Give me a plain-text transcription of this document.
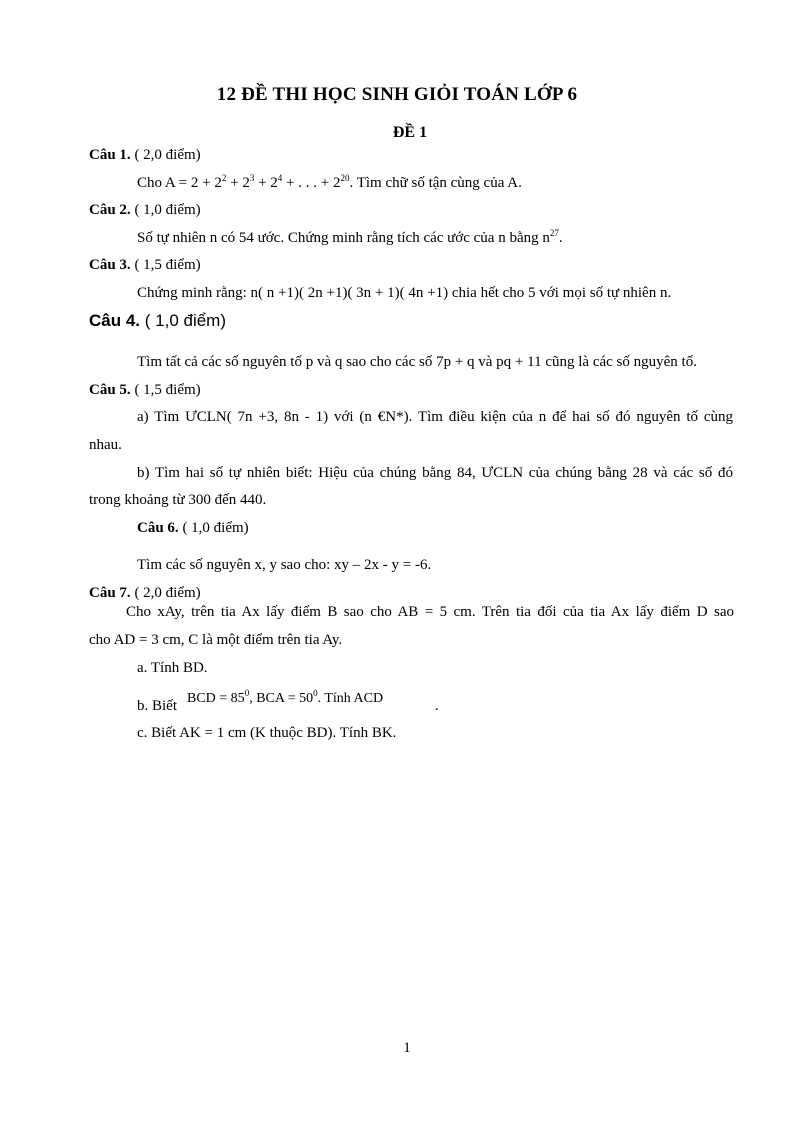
12 ĐỀ THI HỌC SINH GIỎI TOÁN LỚP 6
ĐỀ 1
Câu 1. ( 2,0 điểm)
Cho $A = 2 + 2^2 + 2^3 + 2^4$ + . . . + $2^{20}$. Tìm chữ số tận cùng của A.
Câu 2. ( 1,0 điểm)
Số tự nhiên n có 54 ước. Chứng minh rằng tích các ước của n bằng $n^{27}$.
Câu 3. ( 1,5 điểm)
Chứng minh rằng: n( n +1)( 2n +1)( 3n + 1)( 4n +1) chia hết cho 5 với mọi số tự nhiên n.
Câu 4. ( 1,0 điểm)
Tìm tất cả các số nguyên tố p và q sao cho các số 7p + q và pq + 11 cũng là các số nguyên tố.
Câu 5. ( 1,5 điểm)
a) Tìm ƯCLN( 7n +3, 8n - 1) với (n €N*). Tìm điều kiện của n để hai số đó nguyên tố cùng
nhau.
b) Tìm hai số tự nhiên biết: Hiệu của chúng bằng 84, ƯCLN của chúng bằng 28 và các số đó
trong khoảng từ 300 đến 440.
Câu 6. ( 1,0 điểm)
Tìm các số nguyên x, y sao cho: xy – 2x - y = -6.
Câu 7. ( 2,0 điểm)
Cho xAy, trên tia Ax lấy điểm B sao cho AB = 5 cm. Trên tia đối của tia Ax lấy điểm D sao
cho AD = 3 cm, C là một điểm trên tia Ay.
a. Tính BD.
b. Biết BCD = $85^0$, BCA = $50^0$. Tính ACD	.
c. Biết AK = 1 cm (K thuộc BD). Tính BK.
1
